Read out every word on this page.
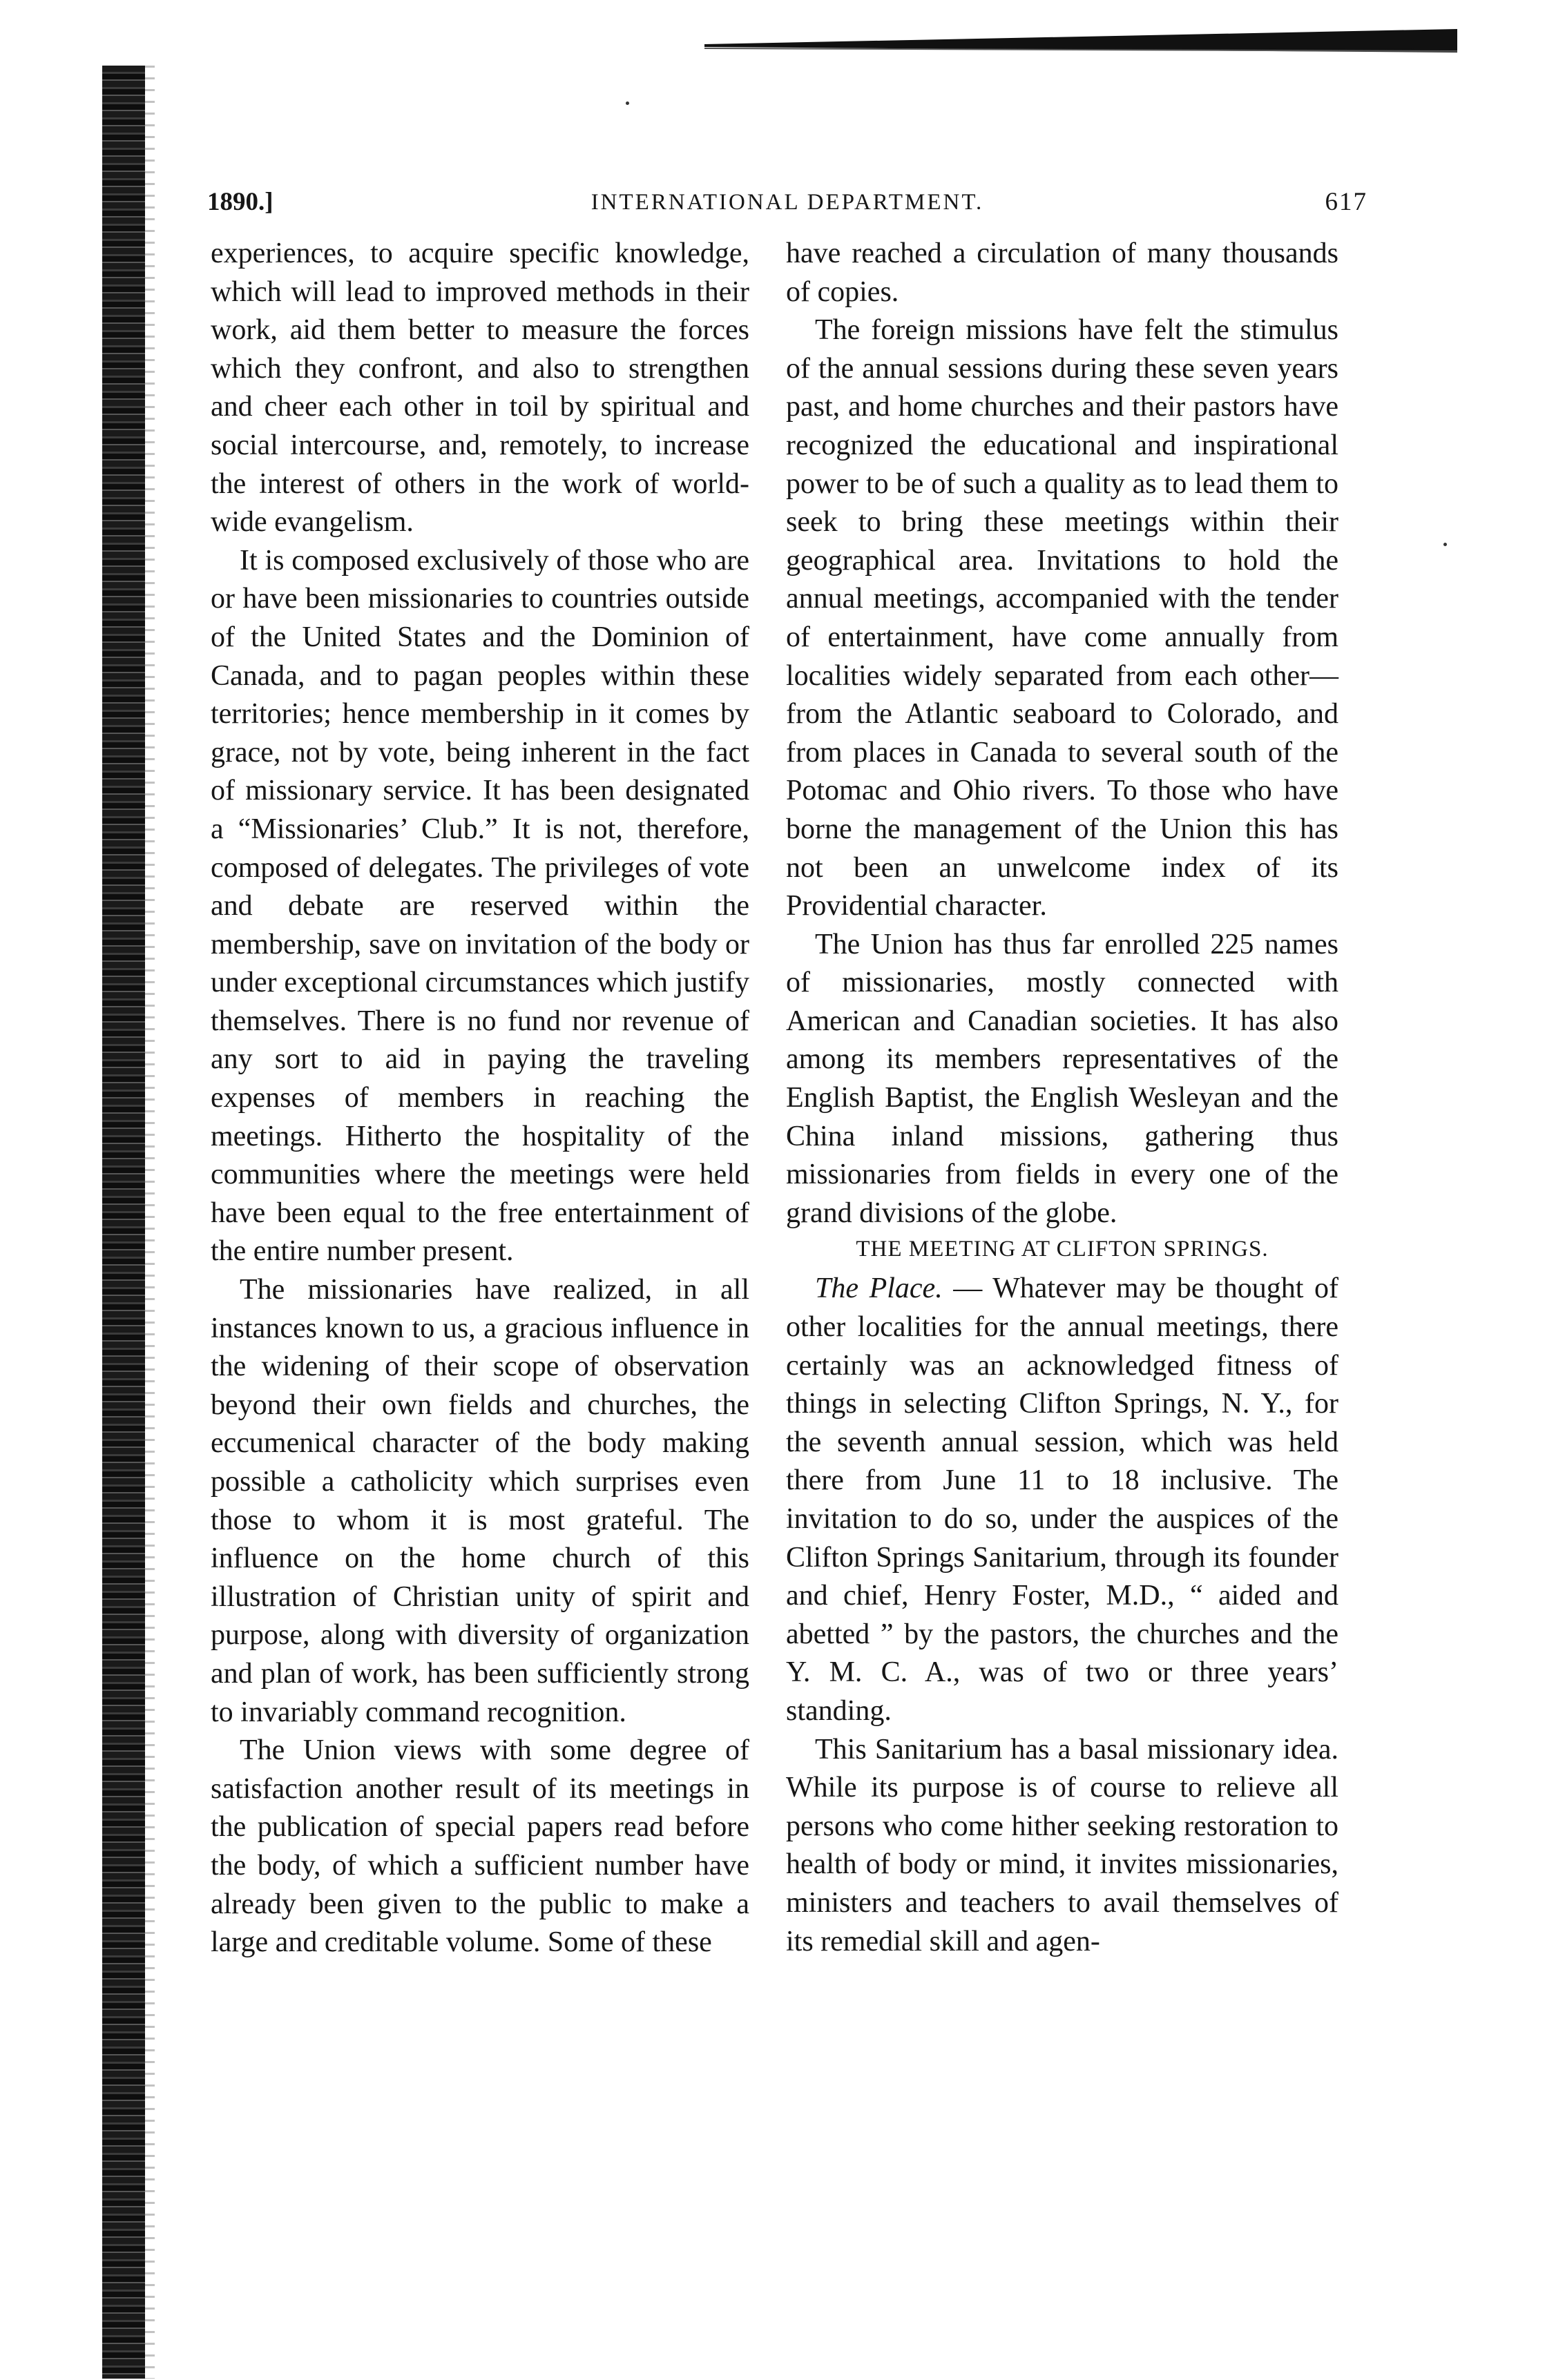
1890.]	INTERNATIONAL DEPARTMENT.	617

experiences, to acquire specific knowledge, which will lead to improved methods in their work, aid them better to measure the forces which they confront, and also to strengthen and cheer each other in toil by spiritual and social intercourse, and, remotely, to increase the interest of others in the work of world-wide evangelism.

It is composed exclusively of those who are or have been missionaries to countries outside of the United States and the Dominion of Canada, and to pagan peoples within these territories; hence membership in it comes by grace, not by vote, being inherent in the fact of missionary service. It has been designated a “Missionaries’ Club.” It is not, therefore, composed of delegates. The privileges of vote and debate are reserved within the membership, save on invitation of the body or under exceptional circumstances which justify themselves. There is no fund nor revenue of any sort to aid in paying the traveling expenses of members in reaching the meetings. Hitherto the hospitality of the communities where the meetings were held have been equal to the free entertainment of the entire number present.

The missionaries have realized, in all instances known to us, a gracious influence in the widening of their scope of observation beyond their own fields and churches, the eccumenical character of the body making possible a catholicity which surprises even those to whom it is most grateful. The influence on the home church of this illustration of Christian unity of spirit and purpose, along with diversity of organization and plan of work, has been sufficiently strong to invariably command recognition.

The Union views with some degree of satisfaction another result of its meetings in the publication of special papers read before the body, of which a sufficient number have already been given to the public to make a large and creditable volume. Some of these

have reached a circulation of many thousands of copies.

The foreign missions have felt the stimulus of the annual sessions during these seven years past, and home churches and their pastors have recognized the educational and inspirational power to be of such a quality as to lead them to seek to bring these meetings within their geographical area. Invitations to hold the annual meetings, accompanied with the tender of entertainment, have come annually from localities widely separated from each other—from the Atlantic seaboard to Colorado, and from places in Canada to several south of the Potomac and Ohio rivers. To those who have borne the management of the Union this has not been an unwelcome index of its Providential character.

The Union has thus far enrolled 225 names of missionaries, mostly connected with American and Canadian societies. It has also among its members representatives of the English Baptist, the English Wesleyan and the China inland missions, gathering thus missionaries from fields in every one of the grand divisions of the globe.

THE MEETING AT CLIFTON SPRINGS.

The Place. — Whatever may be thought of other localities for the annual meetings, there certainly was an acknowledged fitness of things in selecting Clifton Springs, N. Y., for the seventh annual session, which was held there from June 11 to 18 inclusive. The invitation to do so, under the auspices of the Clifton Springs Sanitarium, through its founder and chief, Henry Foster, M.D., “ aided and abetted ” by the pastors, the churches and the Y. M. C. A., was of two or three years’ standing.

This Sanitarium has a basal missionary idea. While its purpose is of course to relieve all persons who come hither seeking restoration to health of body or mind, it invites missionaries, ministers and teachers to avail themselves of its remedial skill and agen-
